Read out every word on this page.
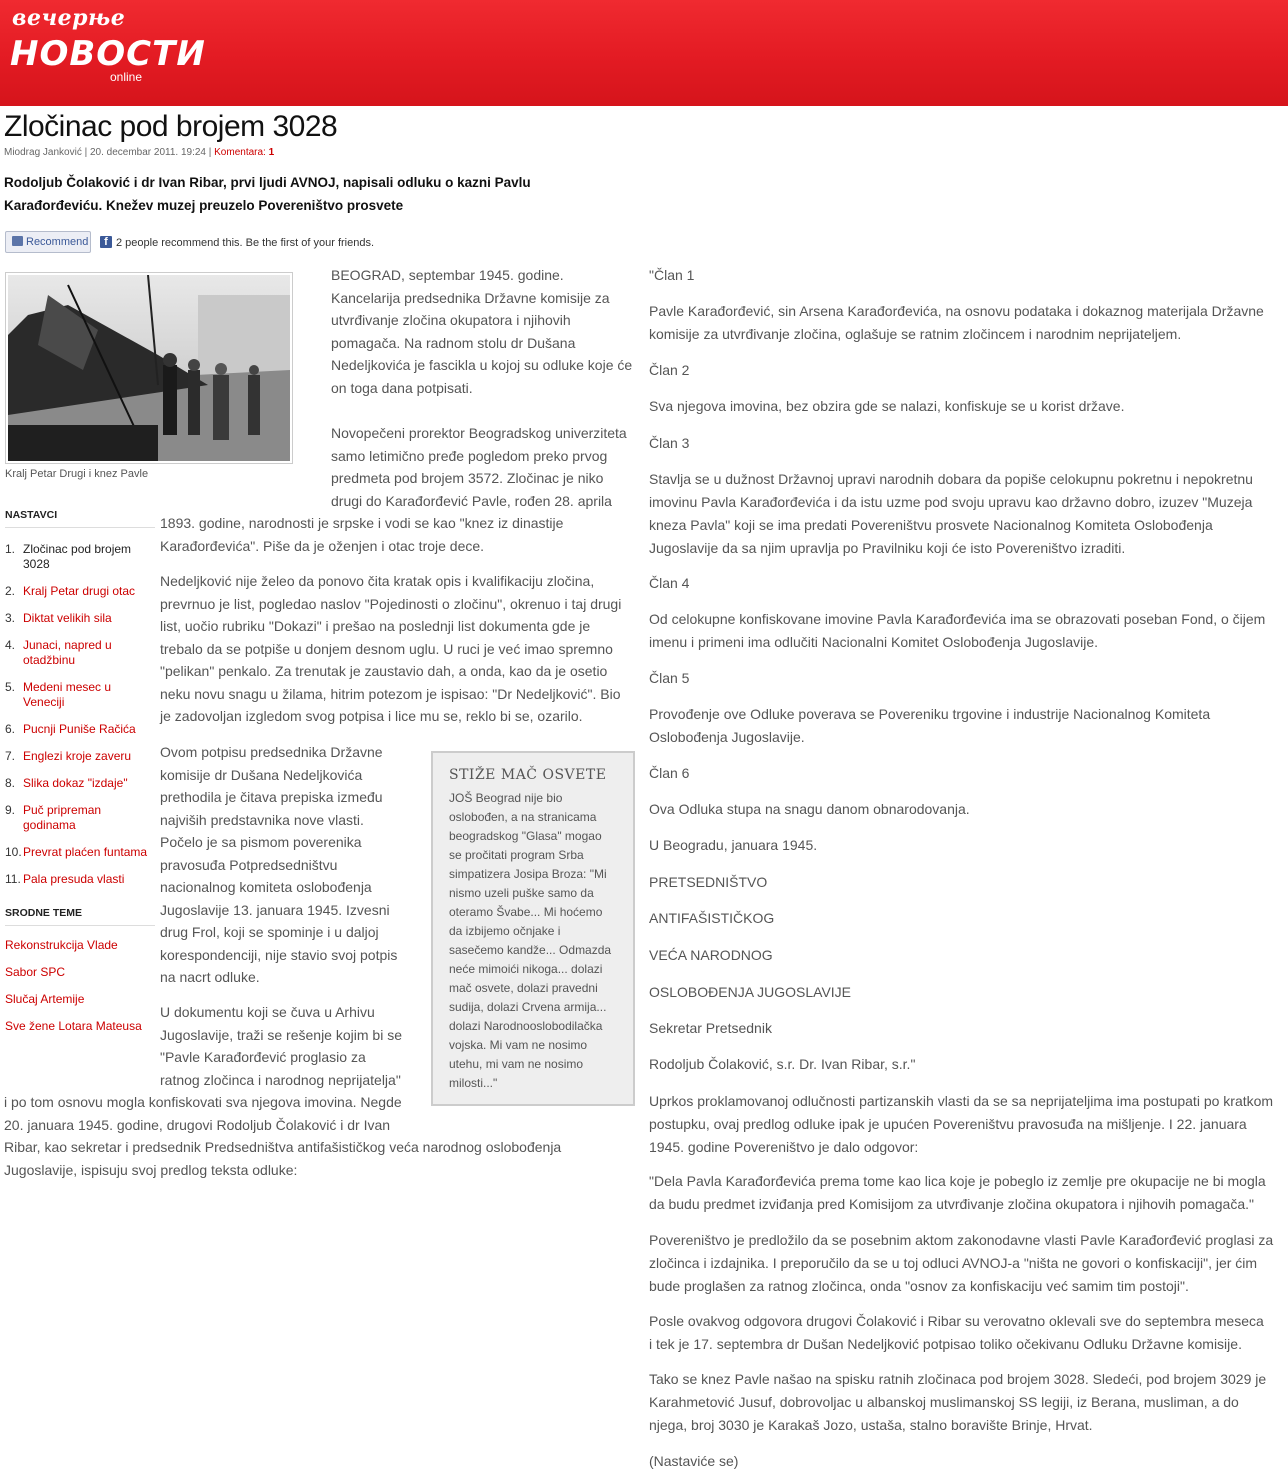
вечерње
НОВОСТИ
online
Zločinac pod brojem 3028
Miodrag Janković | 20. decembar 2011. 19:24 | Komentara: 1

Rodoljub Čolaković i dr Ivan Ribar, prvi ljudi AVNOJ, napisali odluku o kazni Pavlu Karađorđeviću. Knežev muzej preuzelo Povereništvo prosvete

Recommend	f 2 people recommend this. Be the first of your friends.
Kralj Petar Drugi i knez Pavle
NASTAVCI
1. Zločinac pod brojem 3028
2. Kralj Petar drugi otac
3. Diktat velikih sila
4. Junaci, napred u otadžbinu
5. Medeni mesec u Veneciji
6. Pucnji Puniše Račića
7. Englezi kroje zaveru
8. Slika dokaz "izdaje"
9. Puč pripreman godinama
10. Prevrat plaćen funtama
11. Pala presuda vlasti
SRODNE TEME
Rekonstrukcija Vlade
Sabor SPC
Slučaj Artemije
Sve žene Lotara Mateusa
BEOGRAD, septembar 1945. godine.
Kancelarija predsednika Državne komisije za
utvrđivanje zločina okupatora i njihovih
pomagača. Na radnom stolu dr Dušana
Nedeljkovića je fascikla u kojoj su odluke koje će
on toga dana potpisati.
Novopečeni prorektor Beogradskog univerziteta
samo letimično pređe pogledom preko prvog
predmeta pod brojem 3572. Zločinac je niko
drugi do Karađorđević Pavle, rođen 28. aprila
1893. godine, narodnosti je srpske i vodi se kao "knez iz dinastije
Karađorđevića". Piše da je oženjen i otac troje dece.
Nedeljković nije želeo da ponovo čita kratak opis i kvalifikaciju zločina,
prevrnuo je list, pogledao naslov "Pojedinosti o zločinu", okrenuo i taj drugi
list, uočio rubriku "Dokazi" i prešao na poslednji list dokumenta gde je
trebalo da se potpiše u donjem desnom uglu. U ruci je već imao spremno
"pelikan" penkalo. Za trenutak je zaustavio dah, a onda, kao da je osetio
neku novu snagu u žilama, hitrim potezom je ispisao: "Dr Nedeljković". Bio
je zadovoljan izgledom svog potpisa i lice mu se, reklo bi se, ozarilo.
Ovom potpisu predsednika Državne
komisije dr Dušana Nedeljkovića
prethodila je čitava prepiska između
najviših predstavnika nove vlasti.
Počelo je sa pismom poverenika
pravosuđa Potpredsedništvu
nacionalnog komiteta oslobođenja
Jugoslavije 13. januara 1945. Izvesni
drug Frol, koji se spominje i u daljoj
korespondenciji, nije stavio svoj potpis
na nacrt odluke.
U dokumentu koji se čuva u Arhivu
Jugoslavije, traži se rešenje kojim bi se
"Pavle Karađorđević proglasio za
ratnog zločinca i narodnog neprijatelja"
i po tom osnovu mogla konfiskovati sva njegova imovina. Negde
20. januara 1945. godine, drugovi Rodoljub Čolaković i dr Ivan
Ribar, kao sekretar i predsednik Predsedništva antifašističkog veća narodnog oslobođenja
Jugoslavije, ispisuju svoj predlog teksta odluke:
STIŽE MAČ OSVETE
JOŠ Beograd nije bio
oslobođen, a na stranicama
beogradskog "Glasa" mogao
se pročitati program Srba
simpatizera Josipa Broza: "Mi
nismo uzeli puške samo da
oteramo Švabe... Mi hoćemo
da izbijemo očnjake i
sasečemo kandže... Odmazda
neće mimoići nikoga... dolazi
mač osvete, dolazi pravedni
sudija, dolazi Crvena armija...
dolazi Narodnooslobodilačka
vojska. Mi vam ne nosimo
utehu, mi vam ne nosimo
milosti..."
"Član 1
Pavle Karađorđević, sin Arsena Karađorđevića, na osnovu podataka i dokaznog materijala Državne
komisije za utvrđivanje zločina, oglašuje se ratnim zločincem i narodnim neprijateljem.
Član 2
Sva njegova imovina, bez obzira gde se nalazi, konfiskuje se u korist države.
Član 3
Stavlja se u dužnost Državnoj upravi narodnih dobara da popiše celokupnu pokretnu i nepokretnu
imovinu Pavla Karađorđevića i da istu uzme pod svoju upravu kao državno dobro, izuzev "Muzeja
kneza Pavla" koji se ima predati Povereništvu prosvete Nacionalnog Komiteta Oslobođenja
Jugoslavije da sa njim upravlja po Pravilniku koji će isto Povereništvo izraditi.
Član 4
Od celokupne konfiskovane imovine Pavla Karađorđevića ima se obrazovati poseban Fond, o čijem
imenu i primeni ima odlučiti Nacionalni Komitet Oslobođenja Jugoslavije.
Član 5
Provođenje ove Odluke poverava se Povereniku trgovine i industrije Nacionalnog Komiteta
Oslobođenja Jugoslavije.
Član 6
Ova Odluka stupa na snagu danom obnarodovanja.
U Beogradu, januara 1945.
PRETSEDNIŠTVO
ANTIFAŠISTIČKOG
VEĆA NARODNOG
OSLOBOĐENJA JUGOSLAVIJE
Sekretar Pretsednik
Rodoljub Čolaković, s.r. Dr. Ivan Ribar, s.r."
Uprkos proklamovanoj odlučnosti partizanskih vlasti da se sa neprijateljima ima postupati po kratkom
postupku, ovaj predlog odluke ipak je upućen Povereništvu pravosuđa na mišljenje. I 22. januara
1945. godine Povereništvo je dalo odgovor:
"Dela Pavla Karađorđevića prema tome kao lica koje je pobeglo iz zemlje pre okupacije ne bi mogla
da budu predmet izviđanja pred Komisijom za utvrđivanje zločina okupatora i njihovih pomagača."
Povereništvo je predložilo da se posebnim aktom zakonodavne vlasti Pavle Karađorđević proglasi za
zločinca i izdajnika. I preporučilo da se u toj odluci AVNOJ-a "ništa ne govori o konfiskaciji", jer ćim
bude proglašen za ratnog zločinca, onda "osnov za konfiskaciju već samim tim postoji".
Posle ovakvog odgovora drugovi Čolaković i Ribar su verovatno oklevali sve do septembra meseca
i tek je 17. septembra dr Dušan Nedeljković potpisao toliko očekivanu Odluku Državne komisije.
Tako se knez Pavle našao na spisku ratnih zločinaca pod brojem 3028. Sledeći, pod brojem 3029 je
Karahmetović Jusuf, dobrovoljac u albanskoj muslimanskoj SS legiji, iz Berana, musliman, a do
njega, broj 3030 je Karakaš Jozo, ustaša, stalno boravište Brinje, Hrvat.
(Nastaviće se)
